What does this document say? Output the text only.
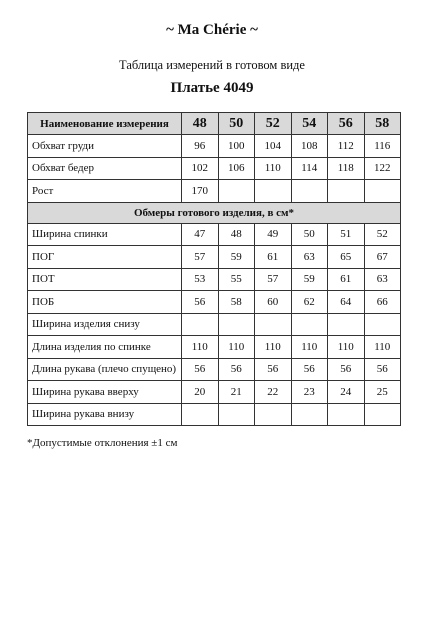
~ Ma Chérie ~
Таблица измерений в готовом виде
Платье 4049
Наименование измерения	48	50	52	54	56	58
Обхват груди	96	100	104	108	112	116
Обхват бедер	102	106	110	114	118	122
Рост	170					
Обмеры готового изделия, в см*						
Ширина спинки	47	48	49	50	51	52
ПОГ	57	59	61	63	65	67
ПОТ	53	55	57	59	61	63
ПОБ	56	58	60	62	64	66
Ширина изделия снизу						
Длина изделия по спинке	110	110	110	110	110	110
Длина рукава (плечо спущено)	56	56	56	56	56	56
Ширина рукава вверху	20	21	22	23	24	25
Ширина рукава внизу						
*Допустимые отклонения ±1 см
